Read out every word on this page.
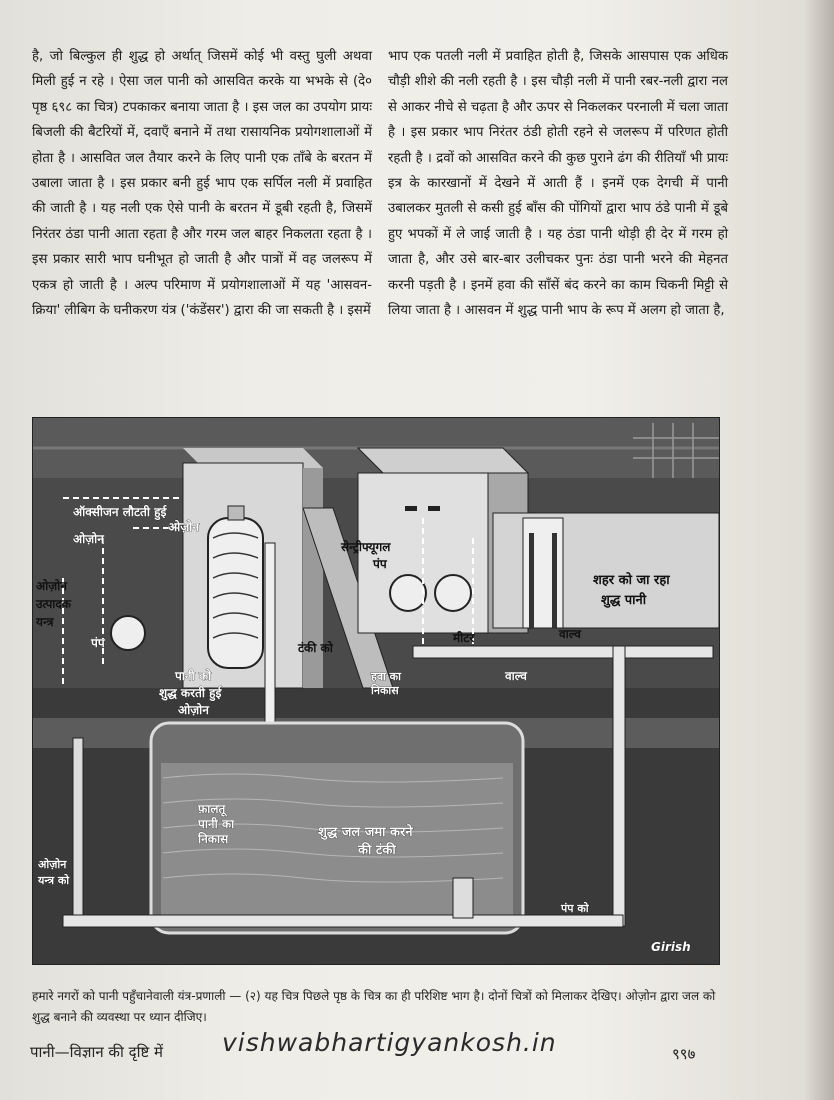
है, जो बिल्कुल ही शुद्ध हो अर्थात् जिसमें कोई भी वस्तु घुली अथवा मिली हुई न रहे । ऐसा जल पानी को आसवित करके या भभके से (दे० पृष्ठ ६९८ का चित्र) टपकाकर बनाया जाता है । इस जल का उपयोग प्रायः बिजली की बैटरियों में, दवाएँ बनाने में तथा रासायनिक प्रयोगशालाओं में होता है । आसवित जल तैयार करने के लिए पानी एक ताँबे के बरतन में उबाला जाता है । इस प्रकार बनी हुई भाप एक सर्पिल नली में प्रवाहित की जाती है । यह नली एक ऐसे पानी के बरतन में डूबी रहती है, जिसमें निरंतर ठंडा पानी आता रहता है और गरम जल बाहर निकलता रहता है । इस प्रकार सारी भाप घनीभूत हो जाती है और पात्रों में वह जलरूप में एकत्र हो जाती है । अल्प परिमाण में प्रयोगशालाओं में यह 'आसवन-क्रिया' लीबिग के घनीकरण यंत्र ('कंडेंसर') द्वारा की जा सकती है । इसमें

भाप एक पतली नली में प्रवाहित होती है, जिसके आसपास एक अधिक चौड़ी शीशे की नली रहती है । इस चौड़ी नली में पानी रबर-नली द्वारा नल से आकर नीचे से चढ़ता है और ऊपर से निकलकर परनाली में चला जाता है । इस प्रकार भाप निरंतर ठंडी होती रहने से जलरूप में परिणत होती रहती है । द्रवों को आसवित करने की कुछ पुराने ढंग की रीतियाँ भी प्रायः इत्र के कारखानों में देखने में आती हैं । इनमें एक देगची में पानी उबालकर मुतली से कसी हुई बाँस की पोंगियों द्वारा भाप ठंडे पानी में डूबे हुए भपकों में ले जाई जाती है । यह ठंडा पानी थोड़ी ही देर में गरम हो जाता है, और उसे बार-बार उलीचकर पुनः ठंडा पानी भरने की मेहनत करनी पड़ती है । इनमें हवा की साँसें बंद करने का काम चिकनी मिट्टी से लिया जाता है । आसवन में शुद्ध पानी भाप के रूप में अलग हो जाता है,

ऑक्सीजन लौटती हुई
ओज़ोन
ओज़ोन
ओज़ोन
उत्पादक
यन्त्र
पंप
सेन्ट्रीफ्यूगल
पंप
टंकी को
पानी को
शुद्ध करती हुई
ओज़ोन
मीटर	वाल्व
वाल्व
हवा का
निकास
शहर को जा रहा
शुद्ध पानी
फ़ालतू
पानी का
निकास	शुद्ध जल जमा करने
की टंकी
ओज़ोन
यन्त्र को
पंप को
Girish
हमारे नगरों को पानी पहुँचानेवाली यंत्र-प्रणाली — (२) यह चित्र पिछले पृष्ठ के चित्र का ही परिशिष्ट भाग है। दोनों चित्रों को मिलाकर देखिए। ओज़ोन द्वारा जल को शुद्ध बनाने की व्यवस्था पर ध्यान दीजिए।
पानी—विज्ञान की दृष्टि में vishwabhartigyankosh.in	९९७
